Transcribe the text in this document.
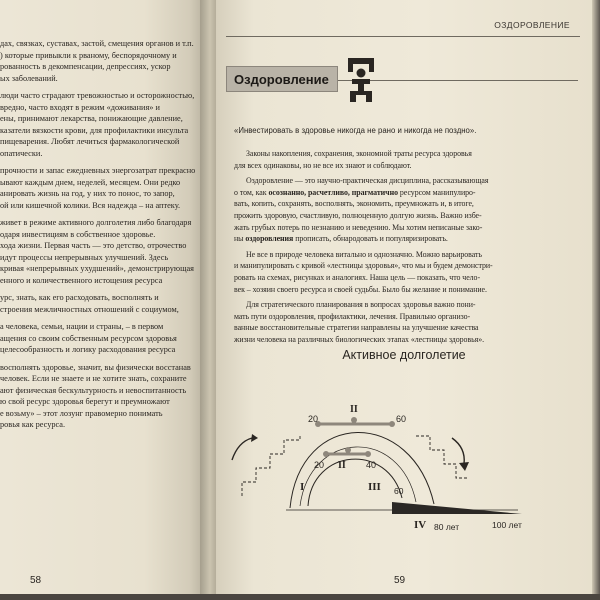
дах, связках, суставах, застой, смещения органов и т.п.
) которые привыкли к рваному, беспорядочному и
рованность в декомпенсации, депрессиях, ускор
ых заболеваний.
люди часто страдают тревожностью и осторожностью,
вредно, часто входят в режим «доживания» и
ены, принимают лекарства, понижающие давление,
казатели вязкости крови, для профилактики инсульта
пищеварения. Любят лечиться фармакологической
опатически.
прочности и запас ежедневных энергозатрат прекрасно
ывают каждым днем, неделей, месяцем. Они редко
анировать жизнь на год, у них то понос, то запор,
ой или кишечной колики. Вся надежда – на аптеку.
живет в режиме активного долголетия либо благодаря
одаря инвестициям в собственное здоровье.
хода жизни. Первая часть — это детство, отрочество
идут процессы непрерывных улучшений. Здесь
кривая «непрерывных ухудшений», демонстрирующая
енного и количественного истощения ресурса
урс, знать, как его расходовать, восполнять и
строения межличностных отношений с социумом,
а человека, семьи, нации и страны, – в первом
ащения со своим собственным ресурсом здоровья
целесообразность и логику расходования ресурса
восполнять здоровье, значит, вы физически восстанав
человек. Если не знаете и не хотите знать, сохраните
ают физическая бескультурность и невоспитанность
ю свой ресурс здоровья берегут и преумножают
е возьму» – этот лозунг правомерно понимать
ровья как ресурса.
58
ОЗДОРОВЛЕНИЕ
Оздоровление
«Инвестировать в здоровье никогда не рано и никогда не поздно».
Законы накопления, сохранения, экономной траты ресурса здоровья
для всех одинаковы, но не все их знают и соблюдают.
Оздоровление — это научно-практическая дисциплина, рассказывающая
о том, как осознанно, расчетливо, прагматично ресурсом манипулиро-
вать, копить, сохранять, восполнять, экономить, преумножать и, в итоге,
прожить здоровую, счастливую, полноценную долгую жизнь. Важно избе-
жать грубых потерь по незнанию и неведению. Мы хотим неписаные зако-
ны оздоровления прописать, обнародовать и популяризировать.
Не все в природе человека витально и однозначно. Можно варьировать
и манипулировать с кривой «лестницы здоровья», что мы и будем демонстри-
ровать на схемах, рисунках и аналогиях. Наша цель — показать, что чело-
век – хозяин своего ресурса и своей судьбы. Было бы желание и понимание.
Для стратегического планирования в вопросах здоровья важно пони-
мать пути оздоровления, профилактики, лечения. Правильно организо-
ванные восстановительные стратегии направлены на улучшение качества
жизни человека на различных биологических этапах «лестницы здоровья».
Активное долголетие
20
II
60
20 II 40
I	III 60
IV 80 лет	100 лет
59
